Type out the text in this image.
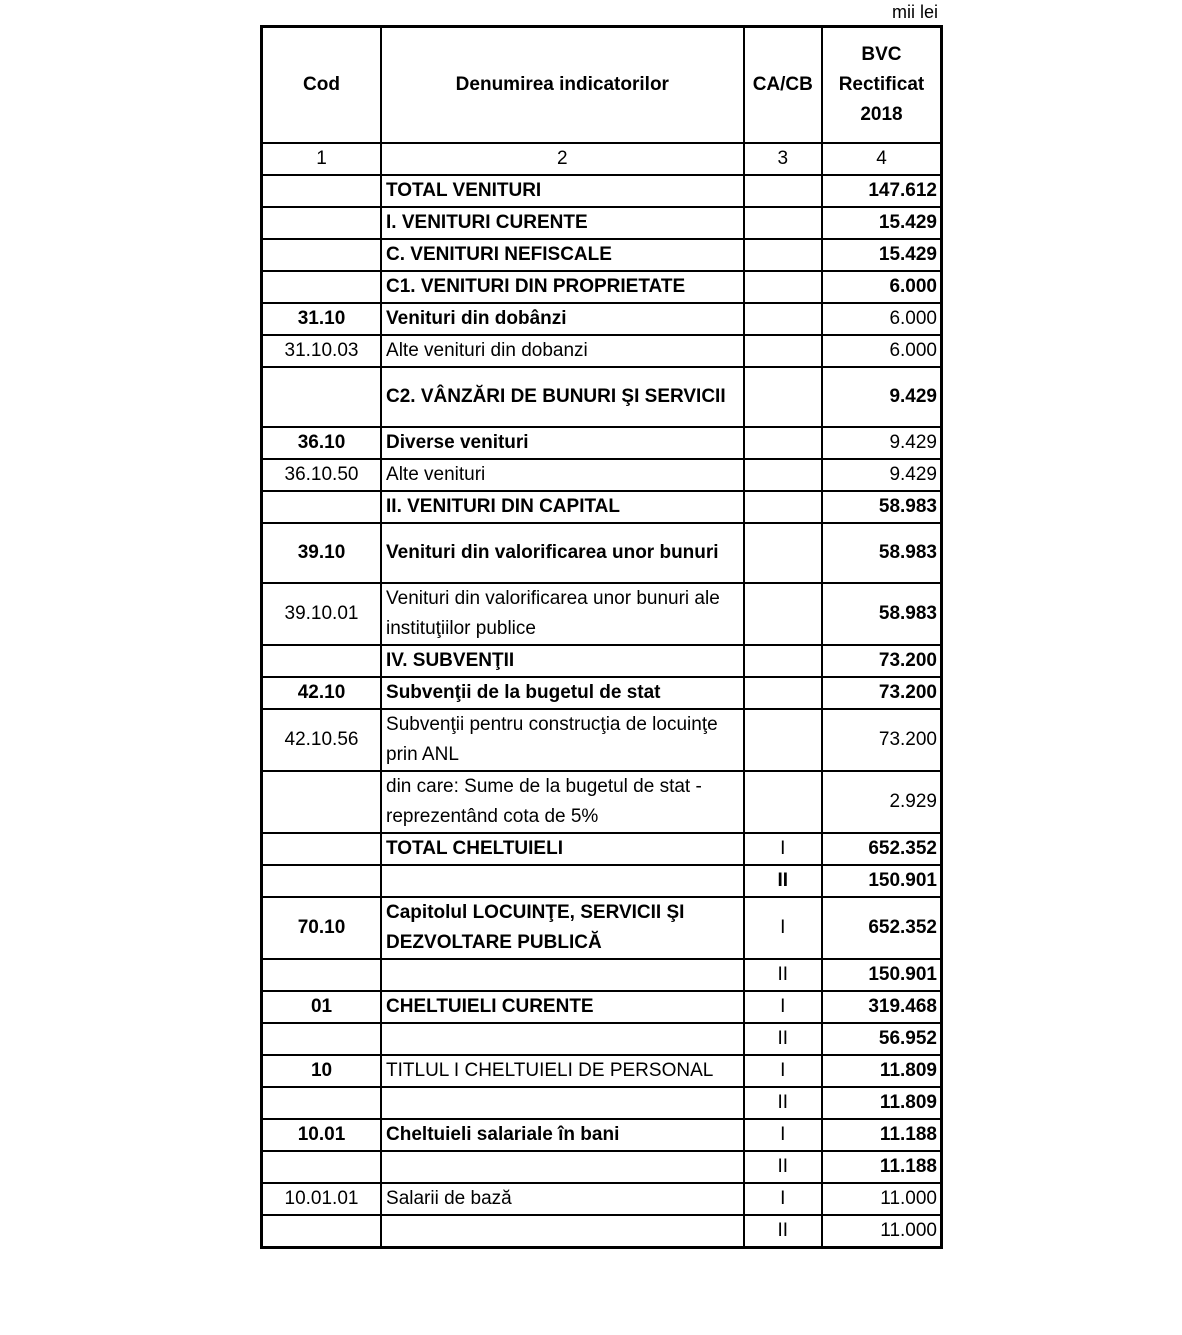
mii lei
Cod	Denumirea indicatorilor	CA/CB	BVC Rectificat 2018
1	2	3	4
	TOTAL VENITURI		147.612
	I. VENITURI CURENTE		15.429
	C. VENITURI NEFISCALE		15.429
	C1. VENITURI DIN PROPRIETATE		6.000
31.10	Venituri din dobânzi		6.000
31.10.03	Alte venituri din dobanzi		6.000
	C2. VÂNZĂRI DE BUNURI ŞI SERVICII		9.429
36.10	Diverse venituri		9.429
36.10.50	Alte venituri		9.429
	II. VENITURI DIN CAPITAL		58.983
39.10	Venituri din valorificarea unor bunuri		58.983
39.10.01	Venituri din valorificarea unor bunuri ale instituţiilor publice		58.983
	IV. SUBVENŢII		73.200
42.10	Subvenţii de la bugetul de stat		73.200
42.10.56	Subvenţii pentru construcţia de locuinţe prin ANL		73.200
	din care: Sume de la bugetul de stat - reprezentând cota de 5%		2.929
	TOTAL CHELTUIELI	I	652.352
		II	150.901
70.10	Capitolul LOCUINŢE, SERVICII ŞI DEZVOLTARE PUBLICĂ	I	652.352
		II	150.901
01	CHELTUIELI CURENTE	I	319.468
		II	56.952
10	TITLUL I CHELTUIELI DE PERSONAL	I	11.809
		II	11.809
10.01	Cheltuieli salariale în bani	I	11.188
		II	11.188
10.01.01	Salarii de bază	I	11.000
		II	11.000
